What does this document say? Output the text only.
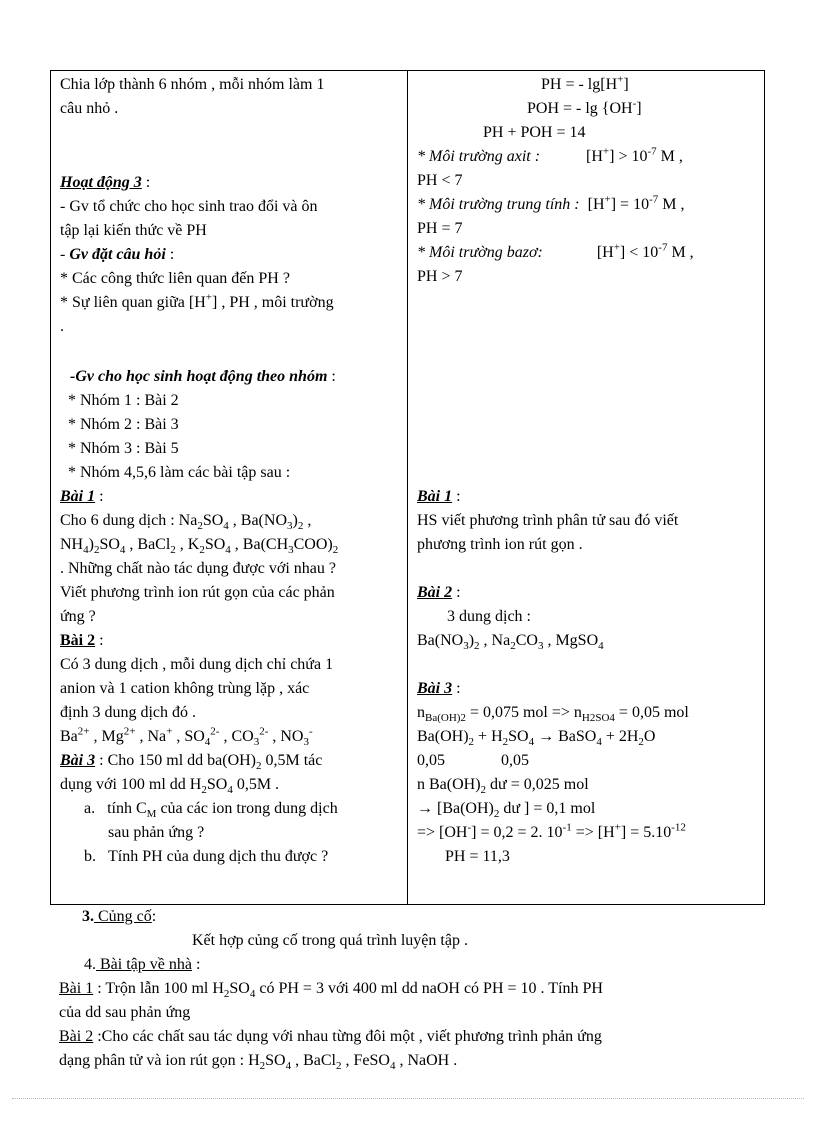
Chia lớp thành 6 nhóm , mỗi nhóm làm 1
câu nhỏ .
Hoạt động 3 :
- Gv tổ chức cho học sinh trao đổi và ôn
tập lại kiến thức về PH
- Gv đặt câu hỏi :
* Các công thức liên quan đến PH ?
* Sự liên quan giữa [H+] , PH , môi trường
.
-Gv cho học sinh hoạt động theo nhóm :
* Nhóm 1 : Bài 2
* Nhóm 2 : Bài 3
* Nhóm 3 : Bài 5
* Nhóm 4,5,6 làm các bài tập sau :
Bài 1 :
Cho 6 dung dịch : $Na_2SO_4$ , $Ba(NO_3)_2$ ,
$NH_4)_2SO_4$ , BaCl$_2$ , $K_2SO_4$ , $Ba(CH_3COO)_2$
. Những chất nào tác dụng được với nhau ?
Viết phương trình ion rút gọn của các phản
ứng ?
Bài 2 :
Có 3 dung dịch , mỗi dung dịch chỉ chứa 1
anion và 1 cation không trùng lặp , xác
định 3 dung dịch đó .
$Ba^{2+}$ , $Mg^{2+}$ , Na+ , $SO_4^{2-}$ , $CO_3^{2-}$ , $NO_3^-$
Bài 3 : Cho 150 ml dd $ba(OH)_2$ 0,5M tác
dụng với 100 ml dd $H_2SO_4$ 0,5M .
a. tính $C_M$ của các ion trong dung dịch
sau phản ứng ?
b. Tính PH của dung dịch thu được ?
PH = - lg[H+]
POH = - lg {OH-]
PH + POH = 14
* Môi trường axit :	$[H^+] > 10^{-7}$ M ,
PH < 7
* Môi trường trung tính : $[H^+] = 10^{-7}$ M ,
PH = 7
* Môi trường bazơ:	$[H^+] < 10^{-7}$ M ,
PH > 7
Bài 1 :
HS viết phương trình phân tử sau đó viết
phương trình ion rút gọn .
Bài 2 :
3 dung dịch :
$Ba(NO_3)_2$ , $Na_2CO_3$ , MgSO$_4$
Bài 3 :
$n_{Ba(OH)2} = 0,075$ mol => $n_{H2SO4} = 0,05$ mol
$Ba(OH)_2 + H_2SO_4$ → BaSO$_4$ + $2H_2O$
0,05              0,05
n $Ba(OH)_2$ dư = 0,025 mol
→ [$Ba(OH)_2$ dư ] = 0,1 mol
=> [OH-] = 0,2 = 2. $10^{-1} => [H^+] = 5.10^{-12}$
PH = 11,3
3. Củng cố:
Kết hợp củng cố trong quá trình luyện tập .
4. Bài tập về nhà :
Bài 1 : Trộn lẫn 100 ml $H_2SO_4$ có PH = 3 với 400 ml dd naOH có PH = 10 . Tính PH
của dd sau phản ứng
Bài 2 :Cho các chất sau tác dụng với nhau từng đôi một , viết phương trình phản ứng
dạng phân tử và ion rút gọn : $H_2SO_4$ , BaCl$_2$ , FeSO$_4$ , NaOH .
